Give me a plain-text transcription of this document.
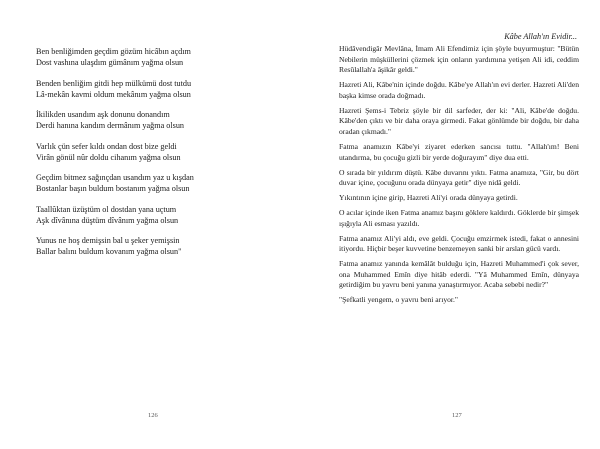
Ben benliğimden geçdim gözüm hicâbın açdım
Dost vashına ulaşdım gümânım yağma olsun
Benden benliğim gitdi hep mülkümü dost tutdu
Lâ-mekân kavmi oldum mekânım yağma olsun
İkilikden usandım aşk donunu donandım
Derdi hanına kandım dermânım yağma olsun
Varlık çün sefer kıldı ondan dost bize geldi
Virân gönül nûr doldu cihanım yağma olsun
Geçdim bitmez sağınçdan usandım yaz u kışdan
Bostanlar başın buldum bostanım yağma olsun
Taallûktan üzüştüm ol dostdan yana uçtum
Aşk dîvânına düştüm dîvânım yağma olsun
Yunus ne hoş demişsin bal u şeker yemişsin
Ballar balını buldum kovanım yağma olsun"
126
Kâbe Allah'ın Evidir...

Hüdâvendigâr Mevlâna, İmam Ali Efendimiz için şöyle buyurmuştur: "Bütün Nebilerin müşküllerini çözmek için onların yardımına yetişen Ali idi, ceddim Resûlallah'a âşikâr geldi."

Hazreti Ali, Kâbe'nin içinde doğdu. Kâbe'ye Allah'ın evi derler. Hazreti Ali'den başka kimse orada doğmadı.

Hazreti Şems-i Tebriz şöyle bir dil sarfeder, der ki: "Ali, Kâbe'de doğdu. Kâbe'den çıktı ve bir daha oraya girmedi. Fakat gönlümde bir doğdu, bir daha oradan çıkmadı."

Fatma anamızın Kâbe'yi ziyaret ederken sancısı tuttu. "Allah'ım! Beni utandırma, bu çocuğu gizli bir yerde doğurayım" diye dua etti.

O sırada bir yıldırım düştü. Kâbe duvarını yıktı. Fatma anamıza, "Gir, bu dört duvar içine, çocuğunu orada dünyaya getir" diye nidâ geldi.

Yıkıntının içine girip, Hazreti Ali'yi orada dünyaya getirdi.

O acılar içinde iken Fatma anamız başını göklere kaldırdı. Göklerde bir şimşek ışığıyla Ali esması yazıldı.

Fatma anamız Ali'yi aldı, eve geldi. Çocuğu emzirmek istedi, fakat o annesini itiyordu. Hiçbir beşer kuvvetine benzemeyen sanki bir arslan gücü vardı.

Fatma anamız yanında kemâlât bulduğu için, Hazreti Muhammed'i çok sever, ona Muhammed Emîn diye hitâb ederdi. "Yâ Muhammed Emîn, dünyaya getirdiğim bu yavru beni yanına yanaştırmıyor. Acaba sebebi nedir?"

"Şefkatli yengem, o yavru beni arıyor."

127
